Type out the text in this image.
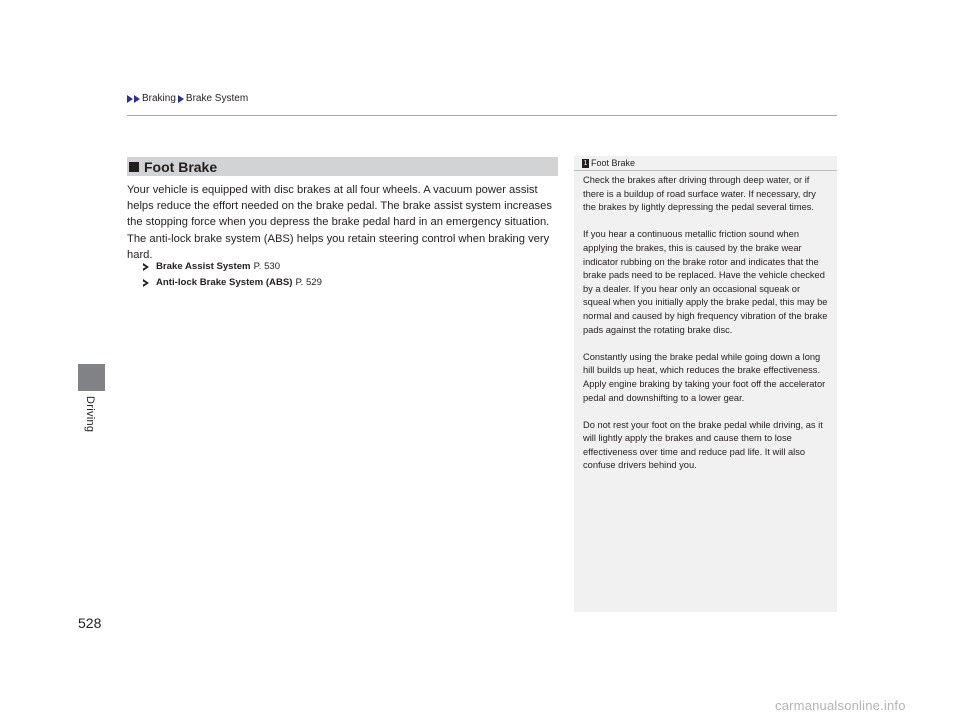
Braking Brake System
Driving
528
Foot Brake

Your vehicle is equipped with disc brakes at all four wheels. A vacuum power assist helps reduce the effort needed on the brake pedal. The brake assist system increases the stopping force when you depress the brake pedal hard in an emergency situation. The anti-lock brake system (ABS) helps you retain steering control when braking very hard.

Brake Assist System P. 530
Anti-lock Brake System (ABS) P. 529
1 Foot Brake

Check the brakes after driving through deep water, or if there is a buildup of road surface water. If necessary, dry the brakes by lightly depressing the pedal several times.

If you hear a continuous metallic friction sound when applying the brakes, this is caused by the brake wear indicator rubbing on the brake rotor and indicates that the brake pads need to be replaced. Have the vehicle checked by a dealer. If you hear only an occasional squeak or squeal when you initially apply the brake pedal, this may be normal and caused by high frequency vibration of the brake pads against the rotating brake disc.

Constantly using the brake pedal while going down a long hill builds up heat, which reduces the brake effectiveness. Apply engine braking by taking your foot off the accelerator pedal and downshifting to a lower gear.

Do not rest your foot on the brake pedal while driving, as it will lightly apply the brakes and cause them to lose effectiveness over time and reduce pad life. It will also confuse drivers behind you.

carmanualsonline.info
